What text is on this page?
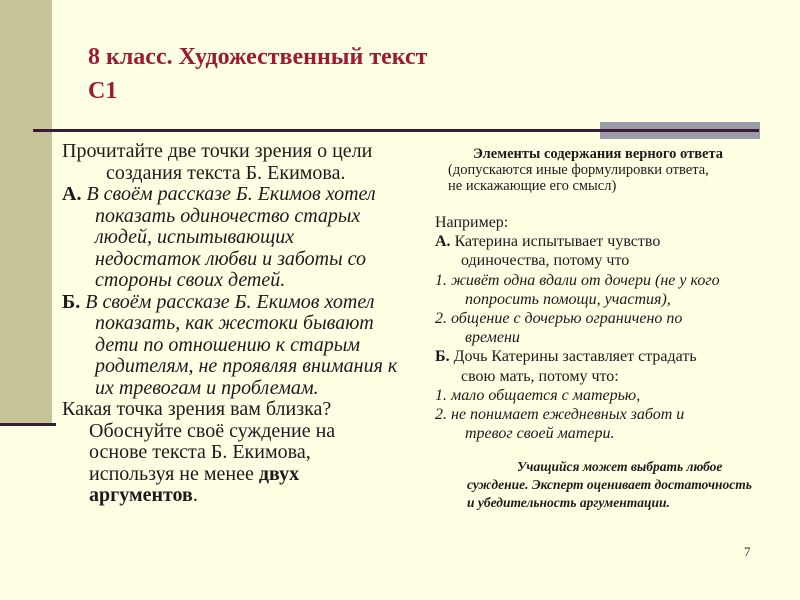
8 класс. Художественный текст
С1
Прочитайте две точки зрения о цели
создания текста Б. Екимова.
А. В своём рассказе Б. Екимов хотел
показать одиночество старых
людей, испытывающих
недостаток любви и заботы со
стороны своих детей.
Б. В своём рассказе Б. Екимов хотел
показать, как жестоки бывают
дети по отношению к старым
родителям, не проявляя внимания к
их тревогам и проблемам.
Какая точка зрения вам близка?
Обоснуйте своё суждение на
основе текста Б. Екимова,
используя не менее двух
аргументов.
Элементы содержания верного ответа
(допускаются иные формулировки ответа,
не искажающие его смысл)
Например:
А. Катерина испытывает чувство
одиночества, потому что
1. живёт одна вдали от дочери (не у кого
попросить помощи, участия),
2. общение с дочерью ограничено по
времени
Б. Дочь Катерины заставляет страдать
свою мать, потому что:
1. мало общается с матерью,
2. не понимает ежедневных забот и
тревог своей матери.
Учащийся может выбрать любое
суждение. Эксперт оценивает достаточность
и убедительность аргументации.
7
